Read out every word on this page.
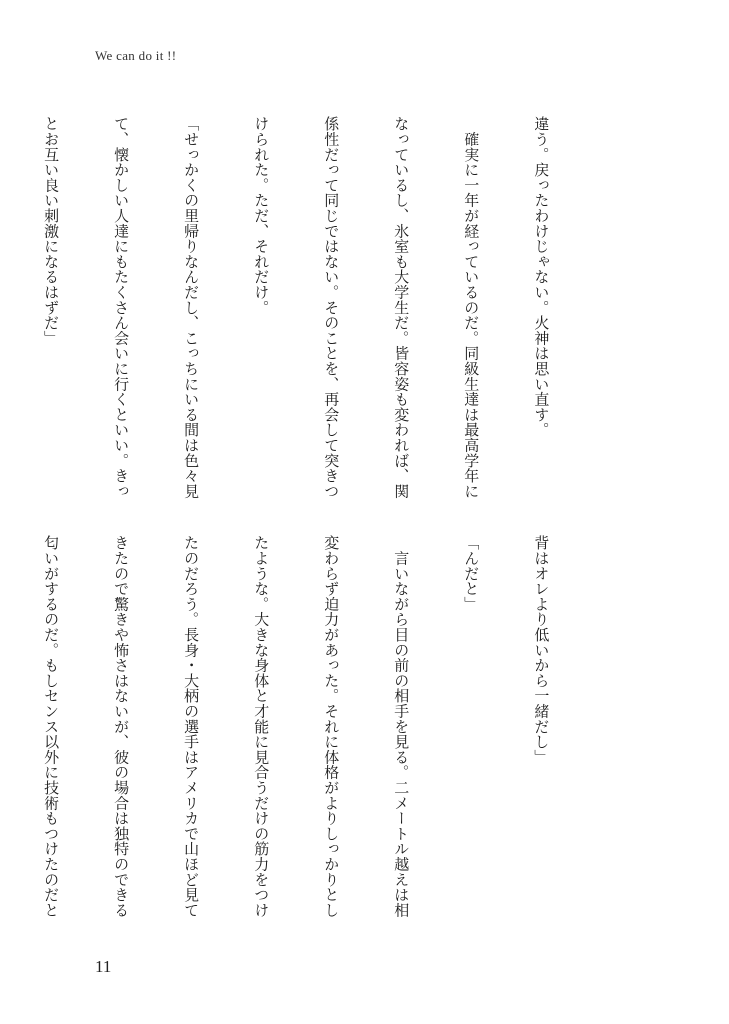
We can do it !!

違う。戻ったわけじゃない。火神は思い直す。

　確実に一年が経っているのだ。同級生達は最高学年に

なっているし、氷室も大学生だ。皆容姿も変われば、関

係性だって同じではない。そのことを、再会して突きつ

けられた。ただ、それだけ。

「せっかくの里帰りなんだし、こっちにいる間は色々見

て、懐かしい人達にもたくさん会いに行くといい。きっ

とお互い良い刺激になるはずだ」

背はオレより低いから一緒だし」

「んだと」

　言いながら目の前の相手を見る。二メートル越えは相

変わらず迫力があった。それに体格がよりしっかりとし

たような。大きな身体と才能に見合うだけの筋力をつけ

たのだろう。長身・大柄の選手はアメリカで山ほど見て

きたので驚きや怖さはないが、彼の場合は独特のできる

匂いがするのだ。もしセンス以外に技術もつけたのだと

11
